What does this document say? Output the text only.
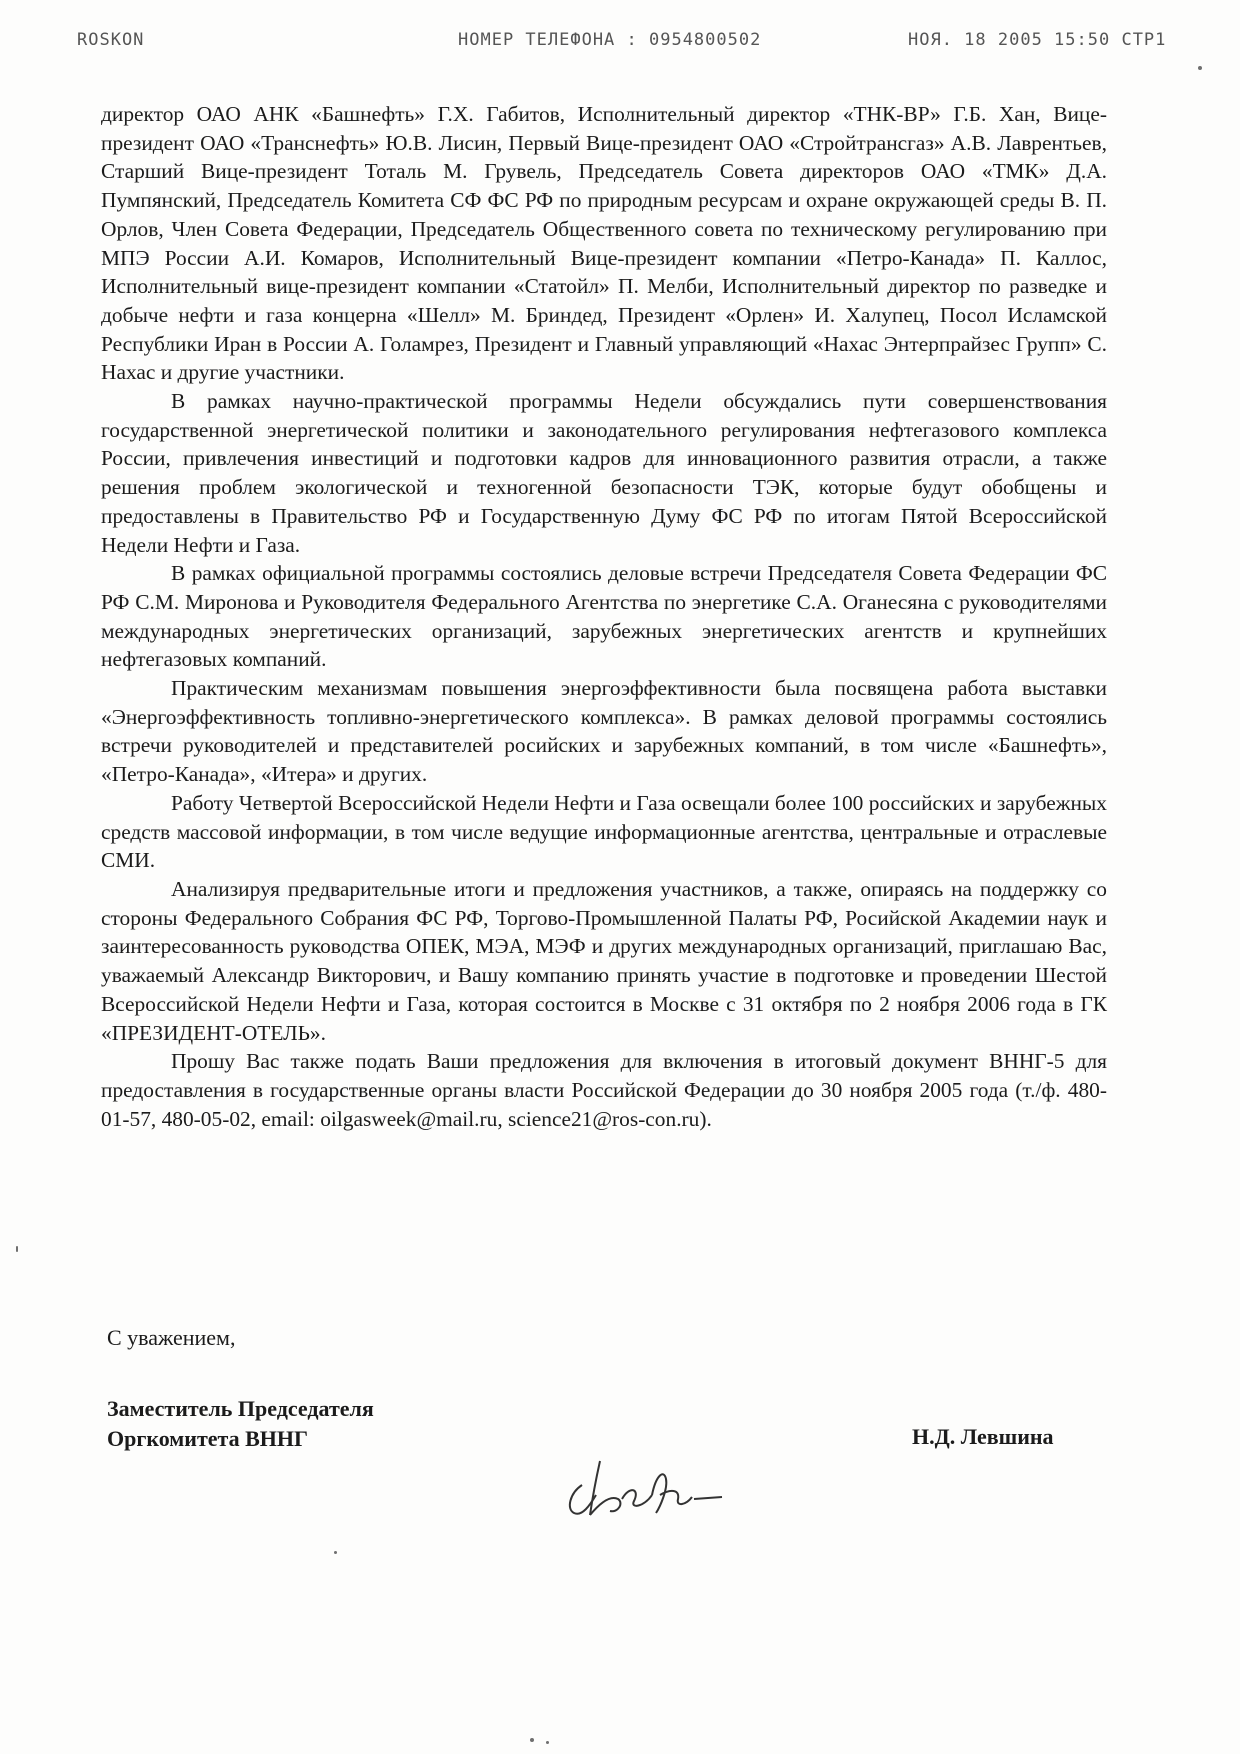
ROSKON	НОМЕР ТЕЛЕФОНА : 0954800502	НОЯ. 18 2005 15:50 СТР1

директор ОАО АНК «Башнефть» Г.Х. Габитов, Исполнительный директор «ТНК-ВР» Г.Б. Хан, Вице-президент ОАО «Транснефть» Ю.В. Лисин, Первый Вице-президент ОАО «Стройтрансгаз» А.В. Лаврентьев, Старший Вице-президент Тоталь М. Грувель, Председатель Совета директоров ОАО «ТМК» Д.А. Пумпянский, Председатель Комитета СФ ФС РФ по природным ресурсам и охране окружающей среды В. П. Орлов, Член Совета Федерации, Председатель Общественного совета по техническому регулированию при МПЭ России А.И. Комаров, Исполнительный Вице-президент компании «Петро-Канада» П. Каллос, Исполнительный вице-президент компании «Статойл» П. Мелби, Исполнительный директор по разведке и добыче нефти и газа концерна «Шелл» М. Бриндед, Президент «Орлен» И. Халупец, Посол Исламской Республики Иран в России А. Голамрез, Президент и Главный управляющий «Нахас Энтерпрайзес Групп» С. Нахас и другие участники.

В рамках научно-практической программы Недели обсуждались пути совершенствования государственной энергетической политики и законодательного регулирования нефтегазового комплекса России, привлечения инвестиций и подготовки кадров для инновационного развития отрасли, а также решения проблем экологической и техногенной безопасности ТЭК, которые будут обобщены и предоставлены в Правительство РФ и Государственную Думу ФС РФ по итогам Пятой Всероссийской Недели Нефти и Газа.

В рамках официальной программы состоялись деловые встречи Председателя Совета Федерации ФС РФ С.М. Миронова и Руководителя Федерального Агентства по энергетике С.А. Оганесяна с руководителями международных энергетических организаций, зарубежных энергетических агентств и крупнейших нефтегазовых компаний.

Практическим механизмам повышения энергоэффективности была посвящена работа выставки «Энергоэффективность топливно-энергетического комплекса». В рамках деловой программы состоялись встречи руководителей и представителей росийских и зарубежных компаний, в том числе «Башнефть», «Петро-Канада», «Итера» и других.

Работу Четвертой Всероссийской Недели Нефти и Газа освещали более 100 российских и зарубежных средств массовой информации, в том числе ведущие информационные агентства, центральные и отраслевые СМИ.

Анализируя предварительные итоги и предложения участников, а также, опираясь на поддержку со стороны Федерального Собрания ФС РФ, Торгово-Промышленной Палаты РФ, Росийской Академии наук и заинтересованность руководства ОПЕК, МЭА, МЭФ и других международных организаций, приглашаю Вас, уважаемый Александр Викторович, и Вашу компанию принять участие в подготовке и проведении Шестой Всероссийской Недели Нефти и Газа, которая состоится в Москве с 31 октября по 2 ноября 2006 года в ГК «ПРЕЗИДЕНТ-ОТЕЛЬ».

Прошу Вас также подать Ваши предложения для включения в итоговый документ ВННГ-5 для предоставления в государственные органы власти Российской Федерации до 30 ноября 2005 года (т./ф. 480-01-57, 480-05-02, email: oilgasweek@mail.ru, science21@ros-con.ru).

С уважением,
Заместитель Председателя
Оргкомитета ВННГ	Н.Д. Левшина
